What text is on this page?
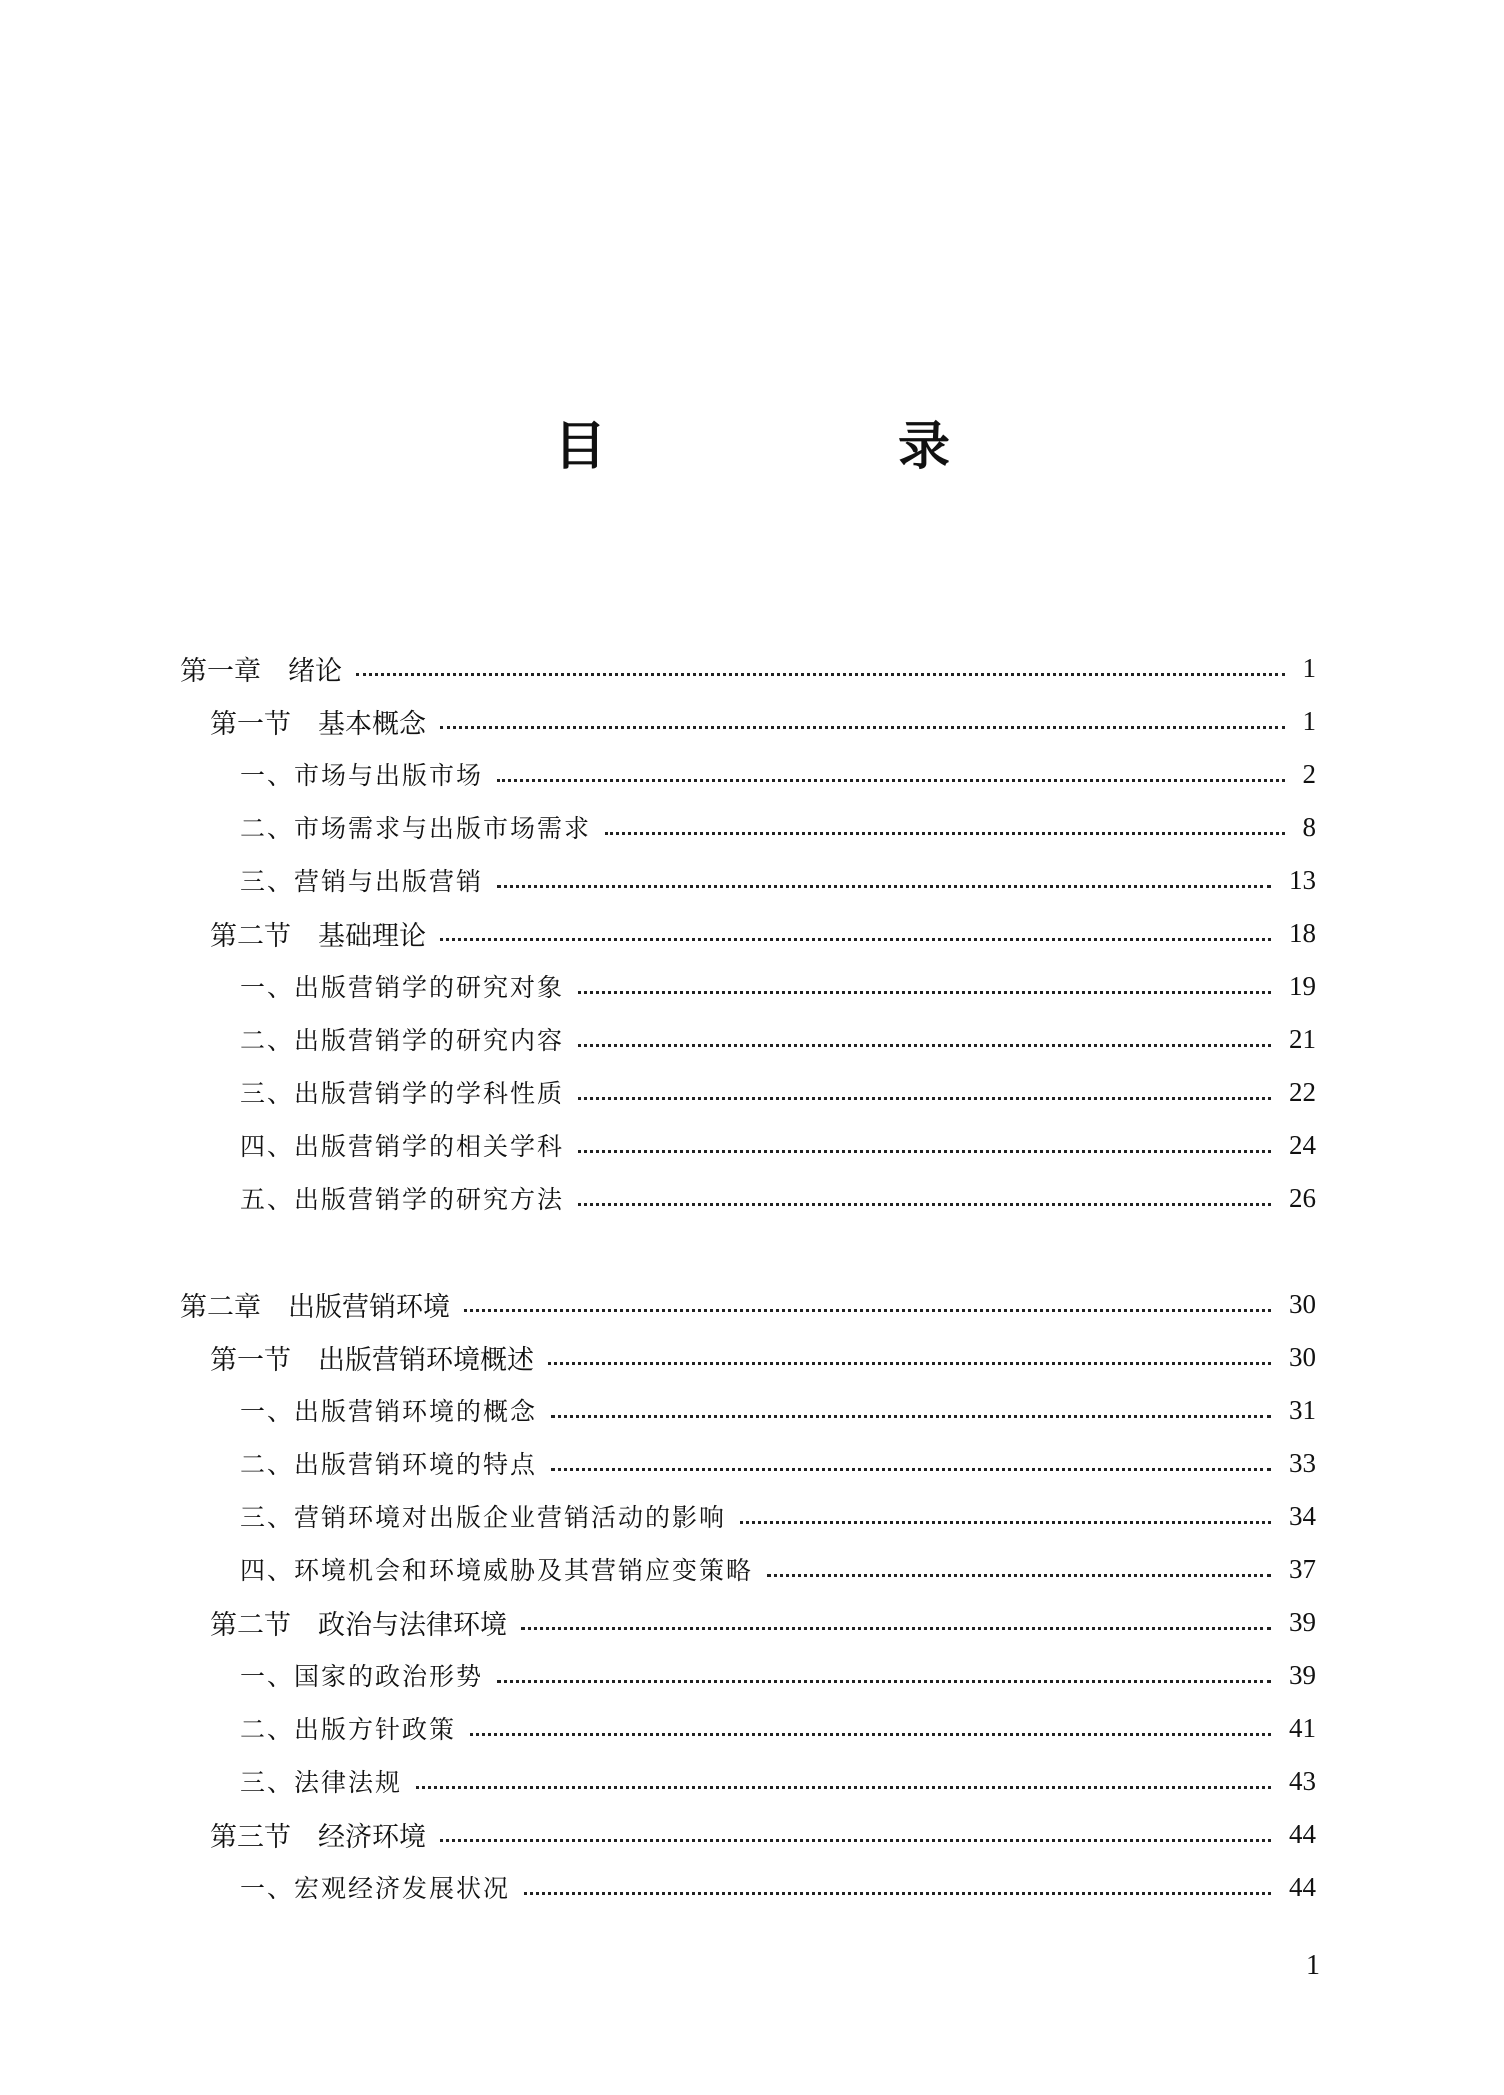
目　录
第一章　绪论	1
第一节　基本概念	1
一、市场与出版市场	2
二、市场需求与出版市场需求	8
三、营销与出版营销	13
第二节　基础理论	18
一、出版营销学的研究对象	19
二、出版营销学的研究内容	21
三、出版营销学的学科性质	22
四、出版营销学的相关学科	24
五、出版营销学的研究方法	26
第二章　出版营销环境	30
第一节　出版营销环境概述	30
一、出版营销环境的概念	31
二、出版营销环境的特点	33
三、营销环境对出版企业营销活动的影响	34
四、环境机会和环境威胁及其营销应变策略	37
第二节　政治与法律环境	39
一、国家的政治形势	39
二、出版方针政策	41
三、法律法规	43
第三节　经济环境	44
一、宏观经济发展状况	44
1
